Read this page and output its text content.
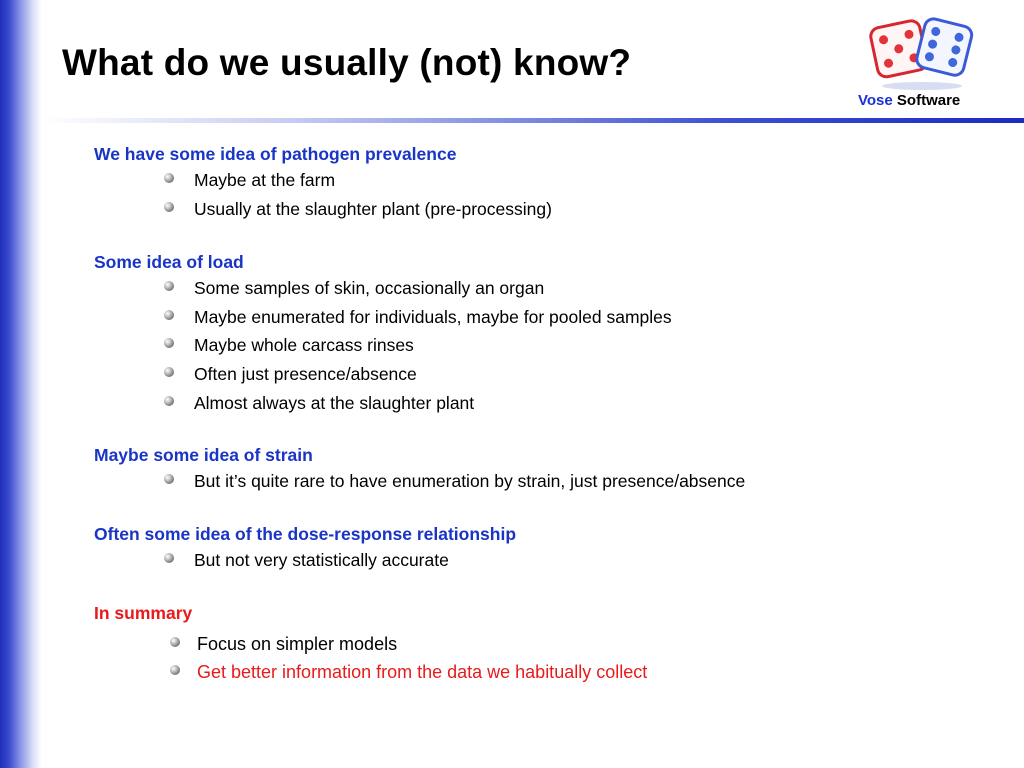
What do we usually (not) know?
Vose Software
We have some idea of pathogen prevalence
Maybe at the farm
Usually at the slaughter plant (pre-processing)
Some idea of load
Some samples of skin, occasionally an organ
Maybe enumerated for individuals, maybe for pooled samples
Maybe whole carcass rinses
Often just presence/absence
Almost always at the slaughter plant
Maybe some idea of strain
But it’s quite rare to have enumeration by strain, just presence/absence
Often some idea of the dose-response relationship
But not very statistically accurate
In summary
Focus on simpler models
Get better information from the data we habitually collect
